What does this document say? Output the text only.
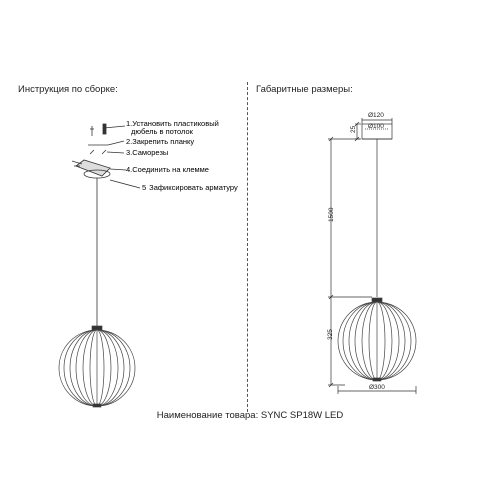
Инструкция по сборке:	Габаритные размеры:
1.Установить пластиковый
дюбель в потолок
2.Закрепить планку
3.Саморезы
4.Соединить на клемме
5 Зафиксировать арматуру
Ø120
Ø100
25
1500
325
Ø300
Наименование товара: SYNC SP18W LED
